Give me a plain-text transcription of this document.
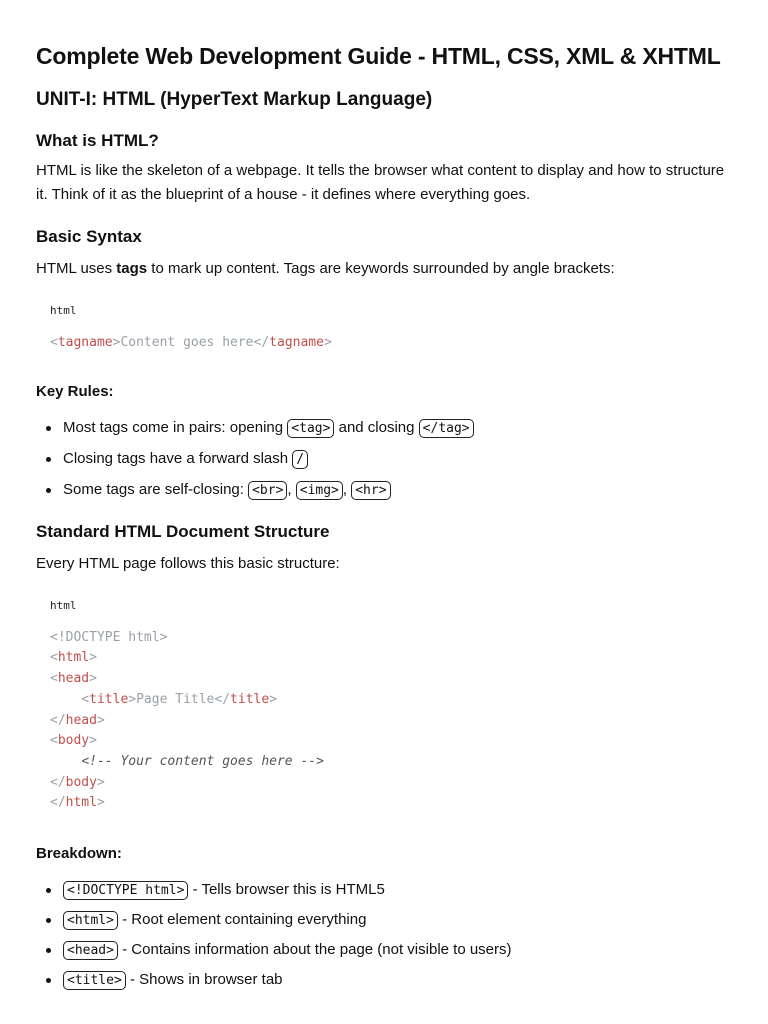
Complete Web Development Guide - HTML, CSS, XML & XHTML
UNIT-I: HTML (HyperText Markup Language)
What is HTML?

HTML is like the skeleton of a webpage. It tells the browser what content to display and how to structure it. Think of it as the blueprint of a house - it defines where everything goes.

Basic Syntax

HTML uses tags to mark up content. Tags are keywords surrounded by angle brackets:

html
<tagname>Content goes here</tagname>
Key Rules:
Most tags come in pairs: opening <tag> and closing </tag>
Closing tags have a forward slash /
Some tags are self-closing: <br> , <img> , <hr>
Standard HTML Document Structure

Every HTML page follows this basic structure:

html
<!DOCTYPE html>
<html>
<head>
<title>Page Title</title>
</head>
<body>
<!-- Your content goes here -->
</body>
</html>
Breakdown:
<!DOCTYPE html> - Tells browser this is HTML5
<html> - Root element containing everything
<head> - Contains information about the page (not visible to users)
<title> - Shows in browser tab
